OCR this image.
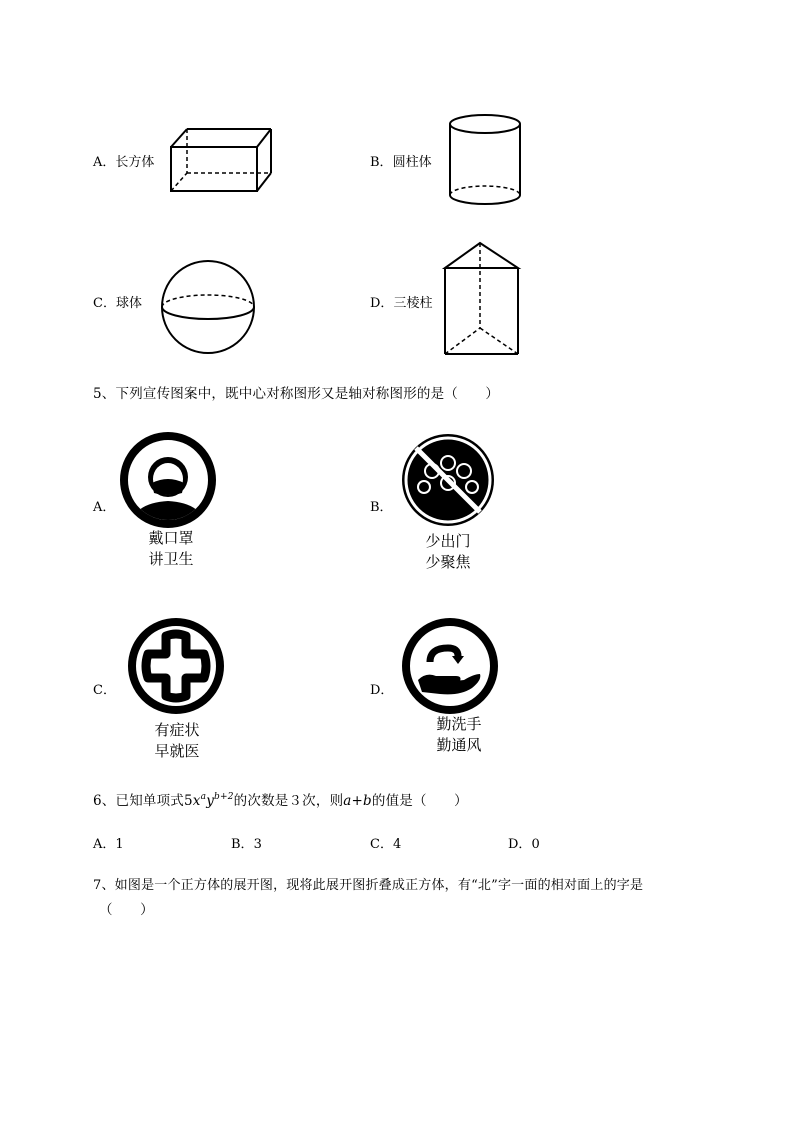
A．长方体	B．圆柱体
C．球体	D．三棱柱
5、下列宣传图案中，既中心对称图形又是轴对称图形的是（　　）
A．
戴口罩
讲卫生
B．
少出门
少聚焦
C．
有症状
早就医
D．
勤洗手
勤通风
6、已知单项式$5x^ay^{b+2}$的次数是３次，则a+b的值是（　　）
A．1	B．3	C．4	D．0
7、如图是一个正方体的展开图，现将此展开图折叠成正方体，有“北”字一面的相对面上的字是
（　　）
